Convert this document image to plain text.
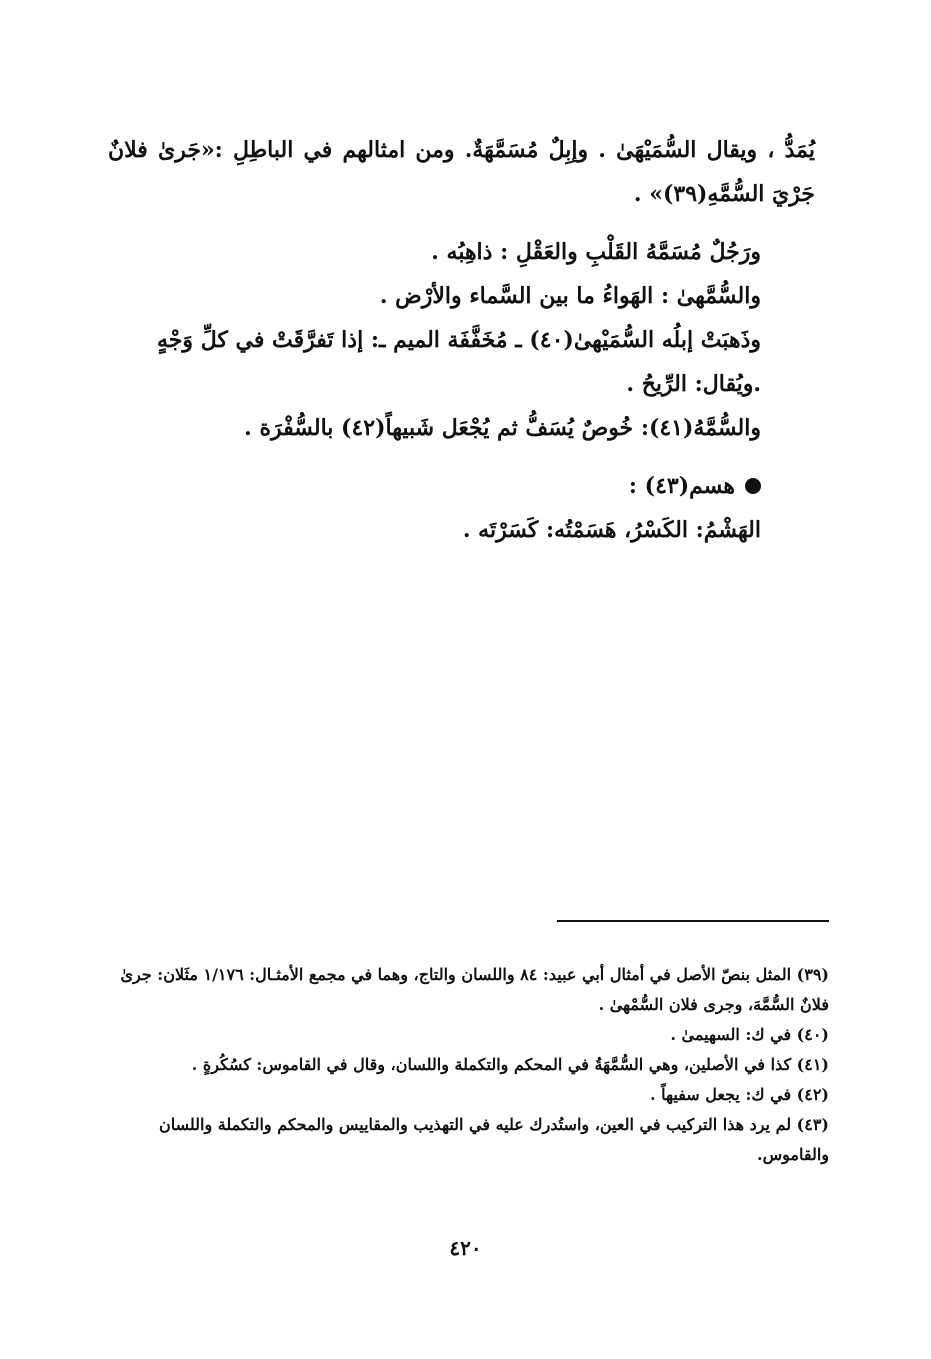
يُمَدُّ ، ويقال السُّمَيْهَىٰ . وإبِلٌ مُسَمَّهَةٌ. ومن امثالهم في الباطِلِ :«جَرىٰ فلانٌ جَرْيَ السُّمَّهِ(٣٩)» .

ورَجُلٌ مُسَمَّهُ القَلْبِ والعَقْلِ : ذاهِبُه .

والسُّمَّهىٰ : الهَواءُ ما بين السَّماء والأرْض .

وذَهبَتْ إبلُه السُّمَيْهىٰ(٤٠) ـ مُخَفَّفَة الميم ـ: إذا تَفرَّقَتْ في كلِّ وَجْهٍ .ويُقال: الرِّيحُ .

والسُّمَّهُ(٤١): خُوصٌ يُسَفُّ ثم يُجْعَل شَبيهاً(٤٢) بالسُّفْرَة .

هسم(٤٣) :

الهَشْمُ: الكَسْرُ، هَسَمْتُه: كَسَرْتَه .

(٣٩) المثل بنصّ الأصل في أمثال أبي عبيد: ٨٤ واللسان والتاج، وهما في مجمع الأمثـال: ١/١٧٦ مثَلان: جرىٰ فلانٌ السُّمَّهَ، وجرى فلان السُّمْهىٰ .

(٤٠) في ك: السهيمىٰ .

(٤١) كذا في الأصلين، وهي السُّمَّهَةُ في المحكم والتكملة واللسان، وقال في القاموس: كسُكُرةٍ .

(٤٢) في ك: يجعل سفيهاً .

(٤٣) لم يرد هذا التركيب في العين، واستُدرك عليه في التهذيب والمقاييس والمحكم والتكملة واللسان والقاموس.

٤٢٠
